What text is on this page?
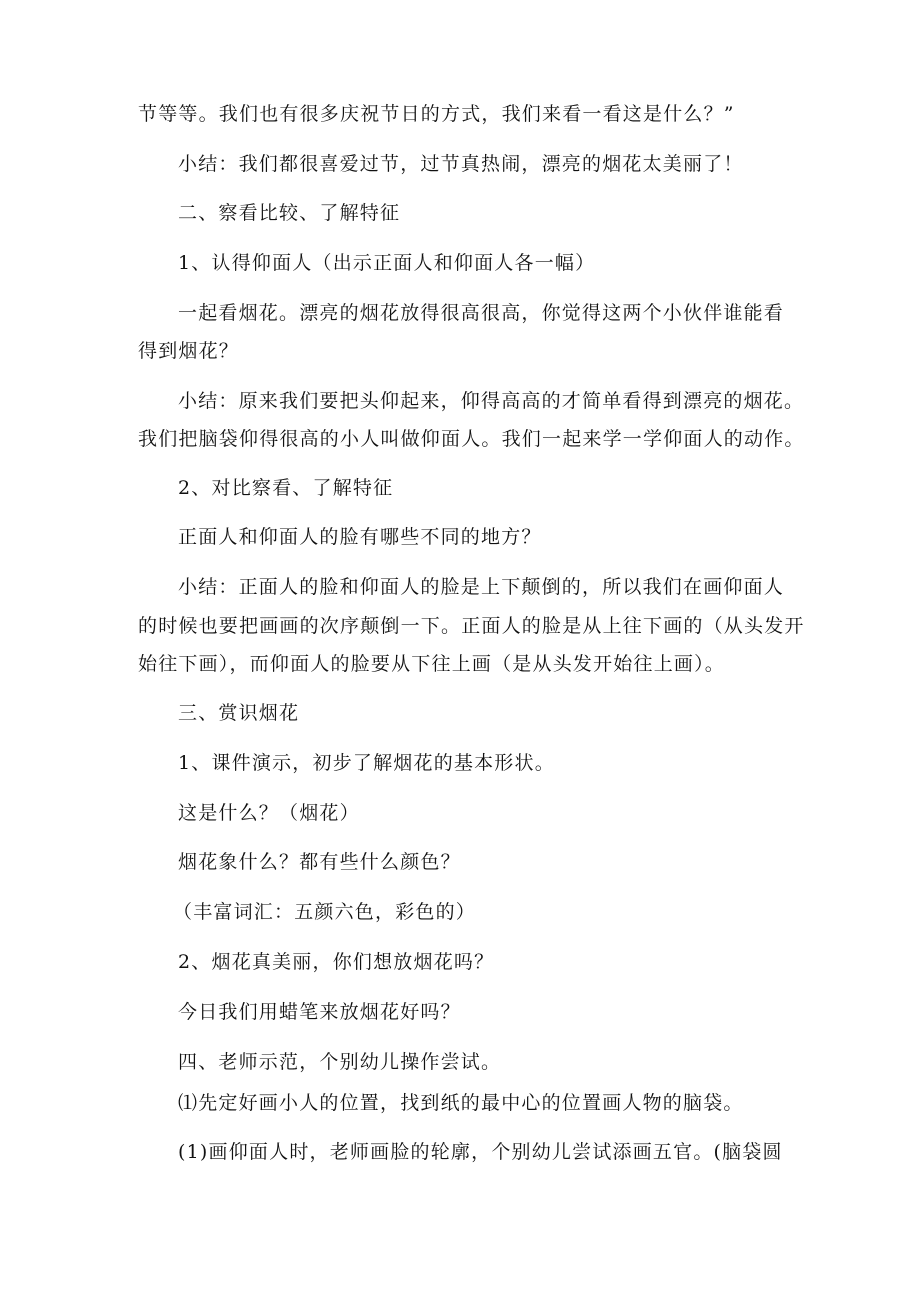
节等等。我们也有很多庆祝节日的方式，我们来看一看这是什么？”
小结：我们都很喜爱过节，过节真热闹，漂亮的烟花太美丽了！
二、察看比较、了解特征
1、认得仰面人（出示正面人和仰面人各一幅）
一起看烟花。漂亮的烟花放得很高很高，你觉得这两个小伙伴谁能看
得到烟花？
小结：原来我们要把头仰起来，仰得高高的才简单看得到漂亮的烟花。
我们把脑袋仰得很高的小人叫做仰面人。我们一起来学一学仰面人的动作。
2、对比察看、了解特征
正面人和仰面人的脸有哪些不同的地方？
小结：正面人的脸和仰面人的脸是上下颠倒的，所以我们在画仰面人
的时候也要把画画的次序颠倒一下。正面人的脸是从上往下画的（从头发开
始往下画），而仰面人的脸要从下往上画（是从头发开始往上画）。
三、赏识烟花
1、课件演示，初步了解烟花的基本形状。
这是什么？（烟花）
烟花象什么？都有些什么颜色？
（丰富词汇：五颜六色，彩色的）
2、烟花真美丽，你们想放烟花吗？
今日我们用蜡笔来放烟花好吗？
四、老师示范，个别幼儿操作尝试。
⑴先定好画小人的位置，找到纸的最中心的位置画人物的脑袋。
(1)画仰面人时，老师画脸的轮廓，个别幼儿尝试添画五官。(脑袋圆
